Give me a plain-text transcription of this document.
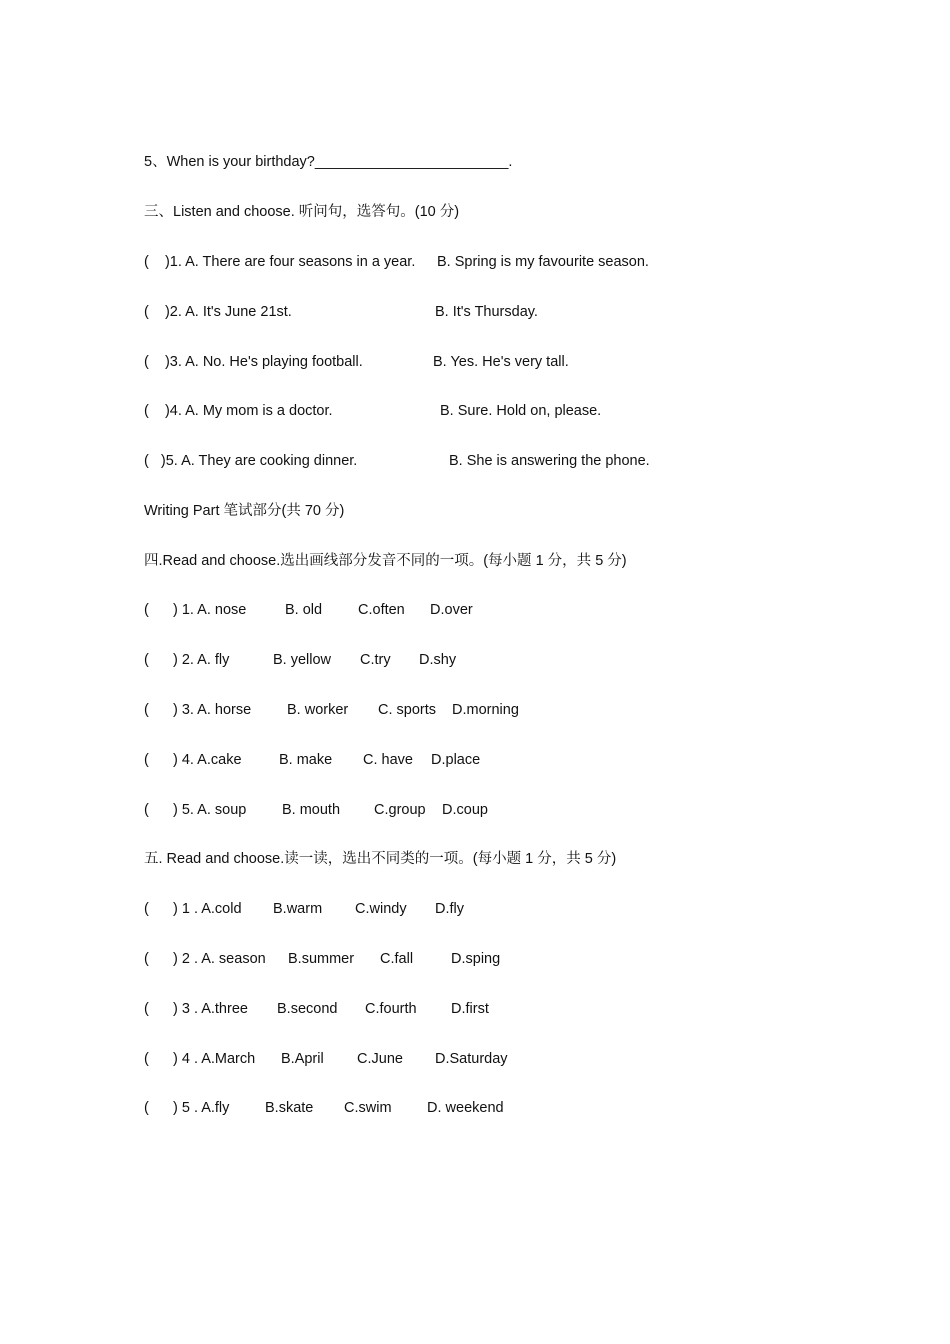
5、When is your birthday?________________________.
三、Listen and choose. 听问句，选答句。(10 分)
(    )1. A. There are four seasons in a year. B. Spring is my favourite season.
(    )2. A. It's June 21st.	B. It's Thursday.
(    )3. A. No. He's playing football.	B. Yes. He's very tall.
(    )4. A. My mom is a doctor.	B. Sure. Hold on, please.
(   )5. A. They are cooking dinner.	B. She is answering the phone.
Writing Part 笔试部分(共 70 分)
四.Read and choose.选出画线部分发音不同的一项。(每小题 1 分，共 5 分)
(      ) 1. A. nose	B. old C.often D.over
(      ) 2. A. fly	B. yellow C.try D.shy
(      ) 3. A. horse B. worker C. sports D.morning
(      ) 4. A.cake	B. make C. have D.place
(      ) 5. A. soup B. mouth C.group D.coup
五. Read and choose.读一读，选出不同类的一项。(每小题 1 分，共 5 分)
(      ) 1 . A.cold B.warm C.windy D.fly
(      ) 2 . A. season B.summer C.fall	D.sping
(      ) 3 . A.three B.second C.fourth D.first
(      ) 4 . A.March B.April C.June D.Saturday
(      ) 5 . A.fly B.skate C.swim D. weekend
